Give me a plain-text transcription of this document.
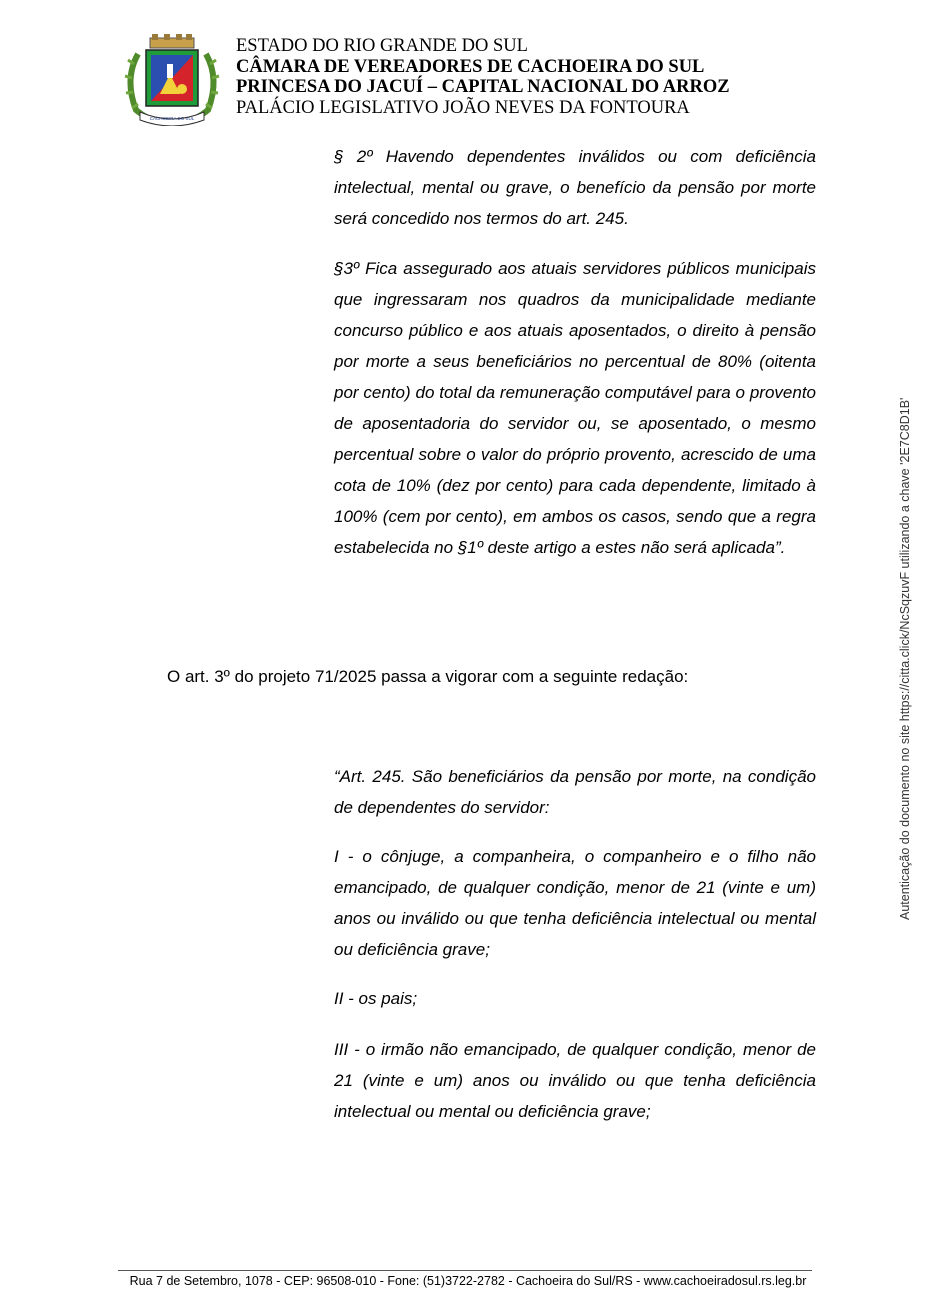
CACHOEIRA DO SUL
ESTADO DO RIO GRANDE DO SUL
CÂMARA DE VEREADORES DE CACHOEIRA DO SUL
PRINCESA DO JACUÍ – CAPITAL NACIONAL DO ARROZ
PALÁCIO LEGISLATIVO JOÃO NEVES DA FONTOURA
§ 2º Havendo dependentes inválidos ou com deficiência intelectual, mental ou grave, o benefício da pensão por morte será concedido nos termos do art. 245.
§3º Fica assegurado aos atuais servidores públicos municipais que ingressaram nos quadros da municipalidade mediante concurso público e aos atuais aposentados, o direito à pensão por morte a seus beneficiários no percentual de 80% (oitenta por cento) do total da remuneração computável para o provento de aposentadoria do servidor ou, se aposentado, o mesmo percentual sobre o valor do próprio provento, acrescido de uma cota de 10% (dez por cento) para cada dependente, limitado à 100% (cem por cento), em ambos os casos, sendo que a regra estabelecida no §1º deste artigo a estes não será aplicada”.
O art. 3º do projeto 71/2025 passa a vigorar com a seguinte redação:
“Art. 245. São beneficiários da pensão por morte, na condição de dependentes do servidor:
I - o cônjuge, a companheira, o companheiro e o filho não emancipado, de qualquer condição, menor de 21 (vinte e um) anos ou inválido ou que tenha deficiência intelectual ou mental ou deficiência grave;
II - os pais;
III - o irmão não emancipado, de qualquer condição, menor de 21 (vinte e um) anos ou inválido ou que tenha deficiência intelectual ou mental ou deficiência grave;
Autenticação do documento no site https://citta.click/NcSqzuvF utilizando a chave '2E7C8D1B'
Rua 7 de Setembro, 1078 - CEP: 96508-010 - Fone: (51)3722-2782 - Cachoeira do Sul/RS - www.cachoeiradosul.rs.leg.br
